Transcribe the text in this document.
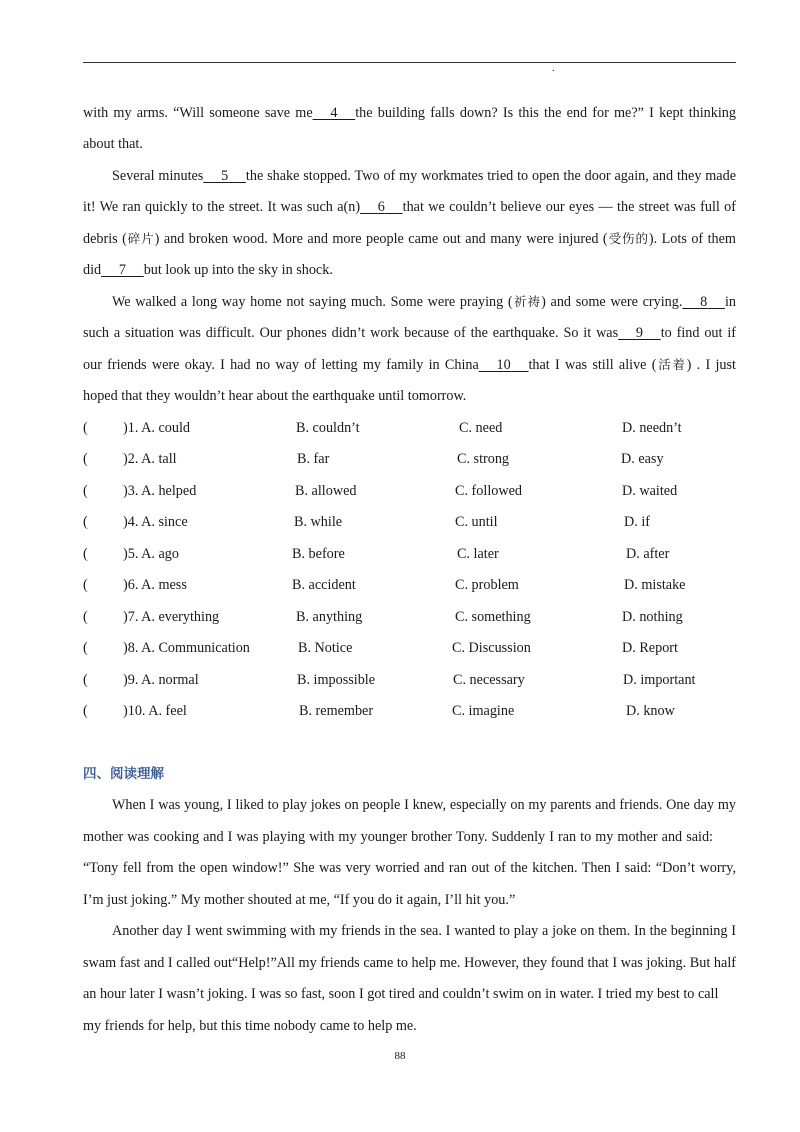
.
with my arms. “Will someone save me 4 the building falls down? Is this the end for me?” I kept thinking
about that.
Several minutes 5 the shake stopped. Two of my workmates tried to open the door again, and they made
it! We ran quickly to the street. It was such a(n) 6 that we couldn’t believe our eyes — the street was full of
debris (碎片) and broken wood. More and more people came out and many were injured (受伤的). Lots of them
did 7 but look up into the sky in shock.
We walked a long way home not saying much. Some were praying (祈祷) and some were crying. 8 in
such a situation was difficult. Our phones didn’t work because of the earthquake. So it was 9 to find out if
our friends were okay. I had no way of letting my family in China 10 that I was still alive (活着) . I just
hoped that they wouldn’t hear about the earthquake until tomorrow.
( )1. A. could	B. couldn’t	C. need	D. needn’t
( )2. A. tall	B. far	C. strong	D. easy
( )3. A. helped	B. allowed	C. followed	D. waited
( )4. A. since	B. while	C. until	D. if
( )5. A. ago	B. before	C. later	D. after
( )6. A. mess	B. accident	C. problem	D. mistake
( )7. A. everything	B. anything	C. something	D. nothing
( )8. A. Communication	B. Notice	C. Discussion	D. Report
( )9. A. normal	B. impossible	C. necessary	D. important
( )10. A. feel	B. remember	C. imagine	D. know
四、阅读理解
When I was young, I liked to play jokes on people I knew, especially on my parents and friends. One day my
mother was cooking and I was playing with my younger brother Tony. Suddenly I ran to my mother and said:
“Tony fell from the open window!” She was very worried and ran out of the kitchen. Then I said: “Don’t worry,
I’m just joking.” My mother shouted at me, “If you do it again, I’ll hit you.”
Another day I went swimming with my friends in the sea. I wanted to play a joke on them. In the beginning I
swam fast and I called out“Help!”All my friends came to help me. However, they found that I was joking. But half
an hour later I wasn’t joking. I was so fast, soon I got tired and couldn’t swim on in water. I tried my best to call
my friends for help, but this time nobody came to help me.
88
